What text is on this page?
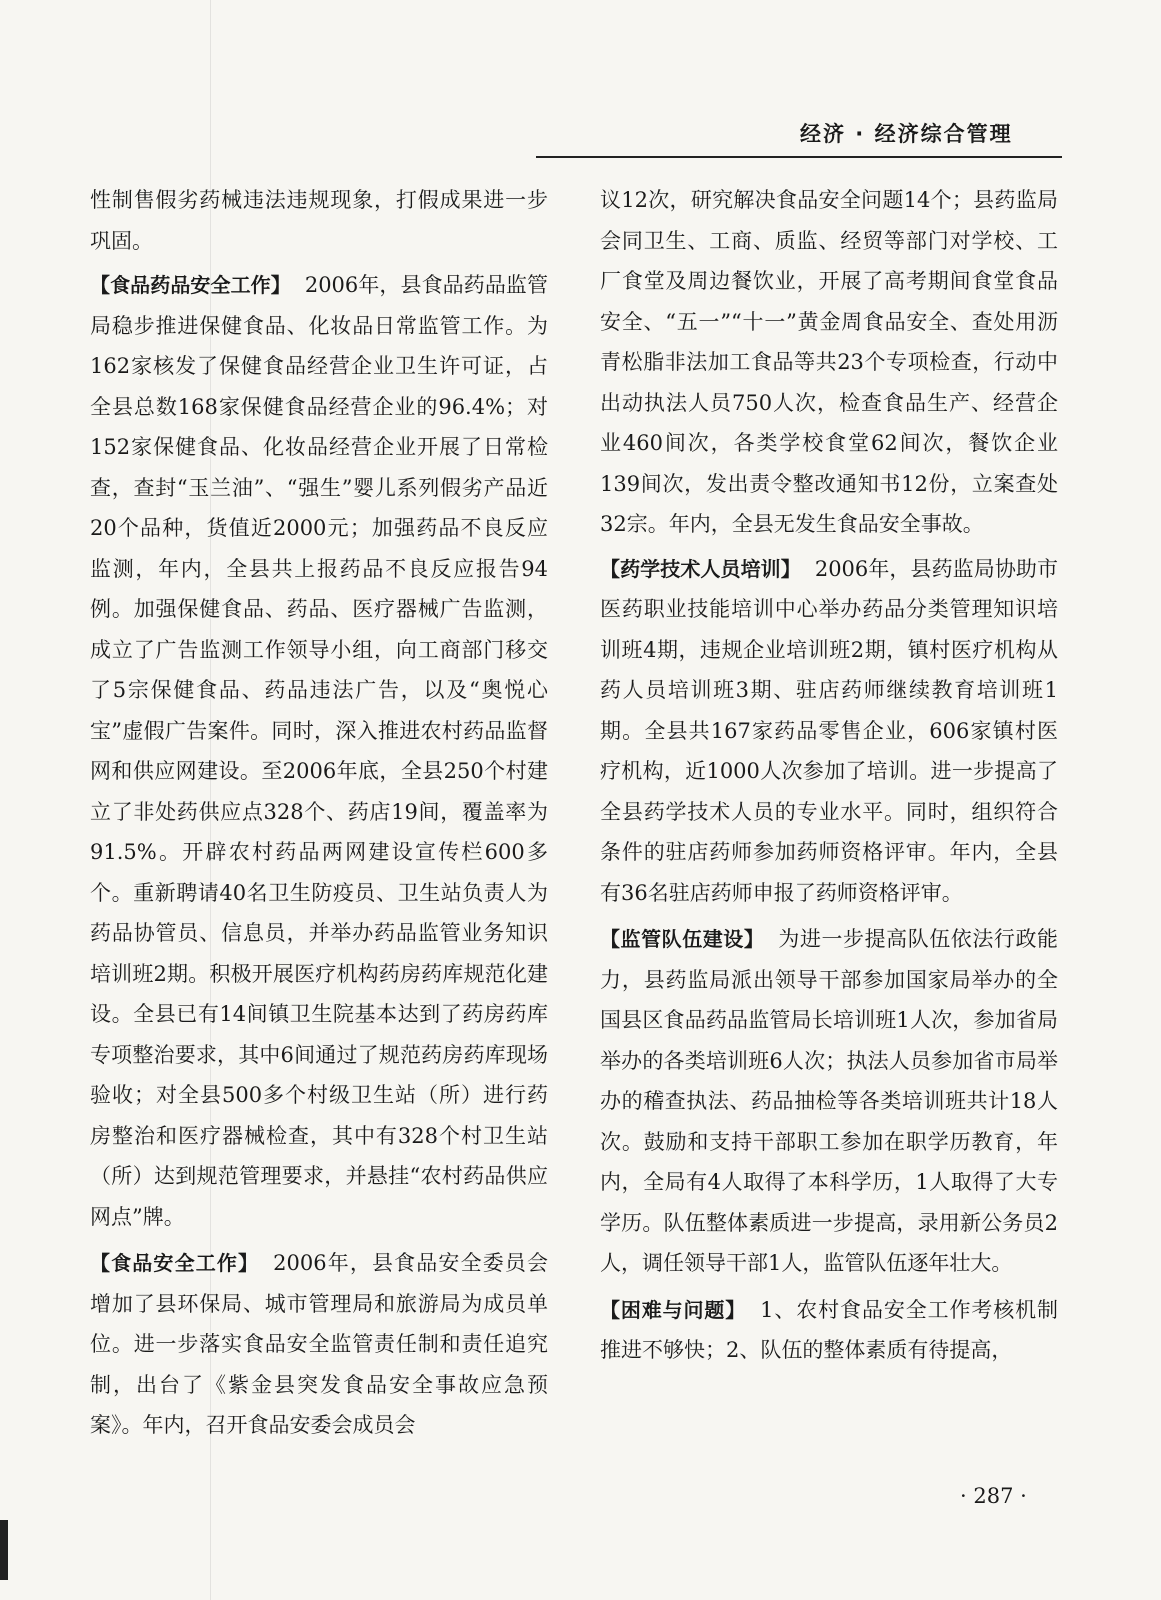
经济 · 经济综合管理

性制售假劣药械违法违规现象，打假成果进一步巩固。

【食品药品安全工作】 2006年，县食品药品监管局稳步推进保健食品、化妆品日常监管工作。为162家核发了保健食品经营企业卫生许可证，占全县总数168家保健食品经营企业的96.4%；对152家保健食品、化妆品经营企业开展了日常检查，查封“玉兰油”、“强生”婴儿系列假劣产品近20个品种，货值近2000元；加强药品不良反应监测，年内，全县共上报药品不良反应报告94例。加强保健食品、药品、医疗器械广告监测，成立了广告监测工作领导小组，向工商部门移交了5宗保健食品、药品违法广告，以及“奥悦心宝”虚假广告案件。同时，深入推进农村药品监督网和供应网建设。至2006年底，全县250个村建立了非处药供应点328个、药店19间，覆盖率为91.5%。开辟农村药品两网建设宣传栏600多个。重新聘请40名卫生防疫员、卫生站负责人为药品协管员、信息员，并举办药品监管业务知识培训班2期。积极开展医疗机构药房药库规范化建设。全县已有14间镇卫生院基本达到了药房药库专项整治要求，其中6间通过了规范药房药库现场验收；对全县500多个村级卫生站（所）进行药房整治和医疗器械检查，其中有328个村卫生站（所）达到规范管理要求，并悬挂“农村药品供应网点”牌。

【食品安全工作】 2006年，县食品安全委员会增加了县环保局、城市管理局和旅游局为成员单位。进一步落实食品安全监管责任制和责任追究制，出台了《紫金县突发食品安全事故应急预案》。年内，召开食品安委会成员会

议12次，研究解决食品安全问题14个；县药监局会同卫生、工商、质监、经贸等部门对学校、工厂食堂及周边餐饮业，开展了高考期间食堂食品安全、“五一”“十一”黄金周食品安全、查处用沥青松脂非法加工食品等共23个专项检查，行动中出动执法人员750人次，检查食品生产、经营企业460间次，各类学校食堂62间次，餐饮企业139间次，发出责令整改通知书12份，立案查处32宗。年内，全县无发生食品安全事故。

【药学技术人员培训】 2006年，县药监局协助市医药职业技能培训中心举办药品分类管理知识培训班4期，违规企业培训班2期，镇村医疗机构从药人员培训班3期、驻店药师继续教育培训班1期。全县共167家药品零售企业，606家镇村医疗机构，近1000人次参加了培训。进一步提高了全县药学技术人员的专业水平。同时，组织符合条件的驻店药师参加药师资格评审。年内，全县有36名驻店药师申报了药师资格评审。

【监管队伍建设】 为进一步提高队伍依法行政能力，县药监局派出领导干部参加国家局举办的全国县区食品药品监管局长培训班1人次，参加省局举办的各类培训班6人次；执法人员参加省市局举办的稽查执法、药品抽检等各类培训班共计18人次。鼓励和支持干部职工参加在职学历教育，年内，全局有4人取得了本科学历，1人取得了大专学历。队伍整体素质进一步提高，录用新公务员2人，调任领导干部1人，监管队伍逐年壮大。

【困难与问题】 1、农村食品安全工作考核机制推进不够快；2、队伍的整体素质有待提高，

· 287 ·
